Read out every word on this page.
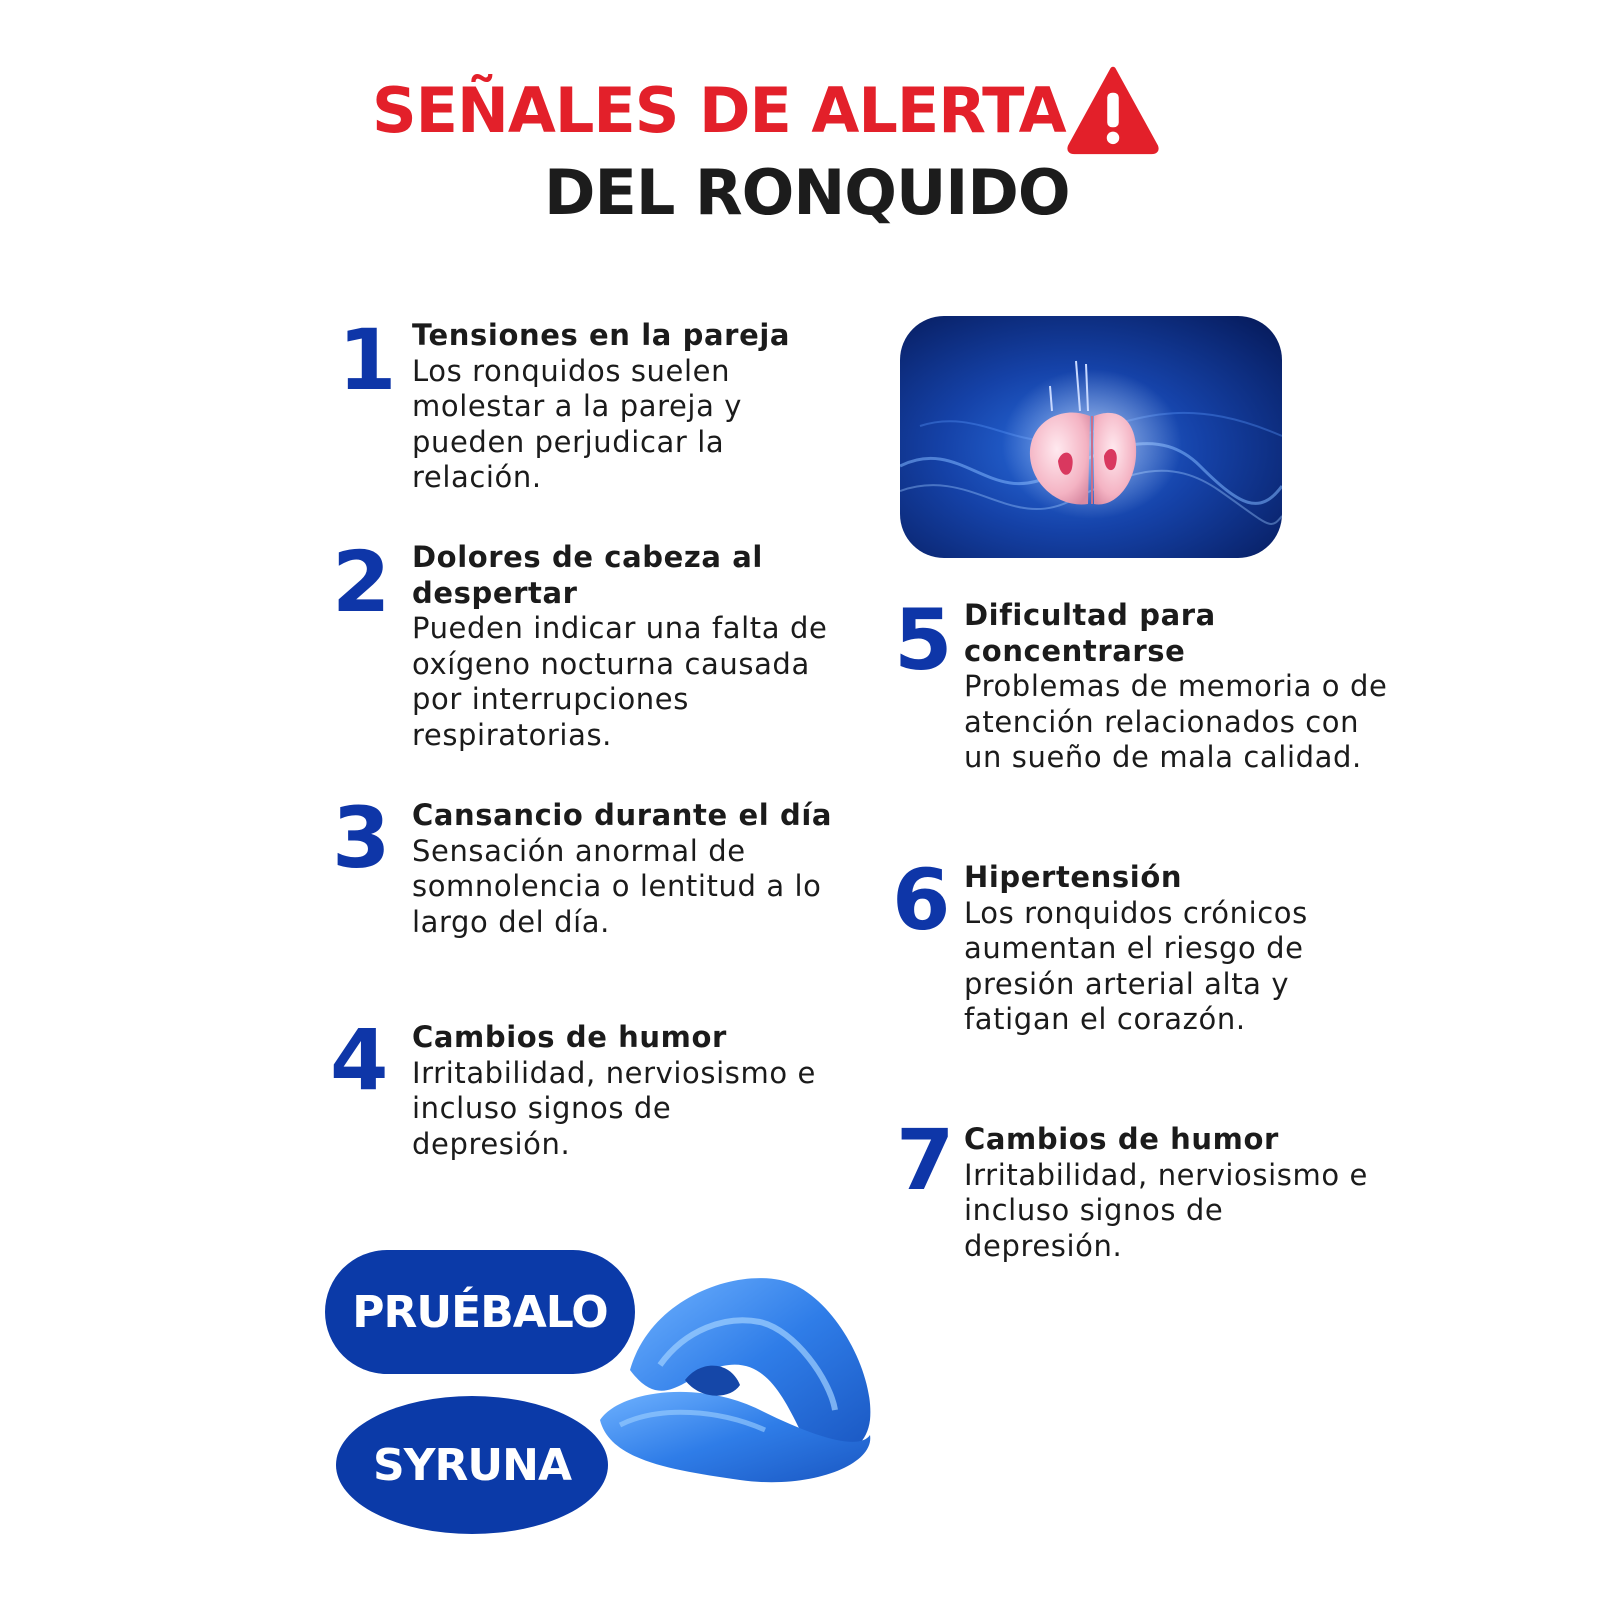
SEÑALES DE ALERTA
DEL RONQUIDO
1 Tensiones en la pareja
Los ronquidos suelen
molestar a la pareja y
pueden perjudicar la
relación.
2 Dolores de cabeza al
despertar
Pueden indicar una falta de
oxígeno nocturna causada
por interrupciones
respiratorias.
3 Cansancio durante el día
Sensación anormal de
somnolencia o lentitud a lo
largo del día.
4 Cambios de humor
Irritabilidad, nerviosismo e
incluso signos de
depresión.
5 Dificultad para
concentrarse
Problemas de memoria o de
atención relacionados con
un sueño de mala calidad.
6 Hipertensión
Los ronquidos crónicos
aumentan el riesgo de
presión arterial alta y
fatigan el corazón.
7 Cambios de humor
Irritabilidad, nerviosismo e
incluso signos de
depresión.
PRUÉBALO
SYRUNA
